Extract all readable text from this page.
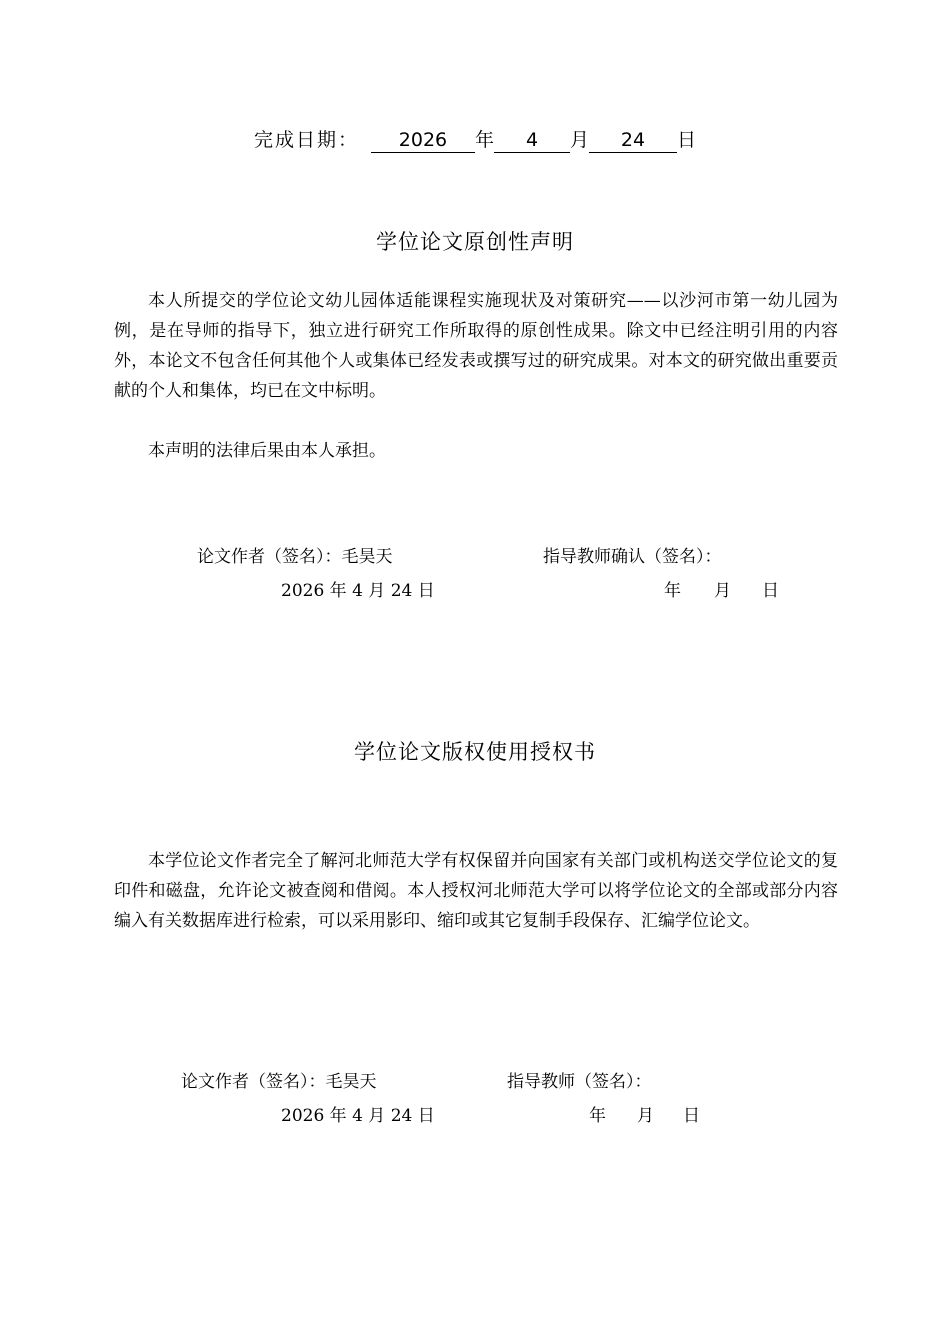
完成日期： 2026 年 4 月 24 日
学位论文原创性声明
本人所提交的学位论文幼儿园体适能课程实施现状及对策研究——以沙河市第一幼儿园为例，是在导师的指导下，独立进行研究工作所取得的原创性成果。除文中已经注明引用的内容外，本论文不包含任何其他个人或集体已经发表或撰写过的研究成果。对本文的研究做出重要贡献的个人和集体，均已在文中标明。
本声明的法律后果由本人承担。
论文作者（签名）：毛昊天
2026 年 4 月 24 日
指导教师确认（签名）：
年 月 日
学位论文版权使用授权书
本学位论文作者完全了解河北师范大学有权保留并向国家有关部门或机构送交学位论文的复印件和磁盘，允许论文被查阅和借阅。本人授权河北师范大学可以将学位论文的全部或部分内容编入有关数据库进行检索，可以采用影印、缩印或其它复制手段保存、汇编学位论文。
论文作者（签名）：毛昊天
2026 年 4 月 24 日
指导教师（签名）：
年 月 日
